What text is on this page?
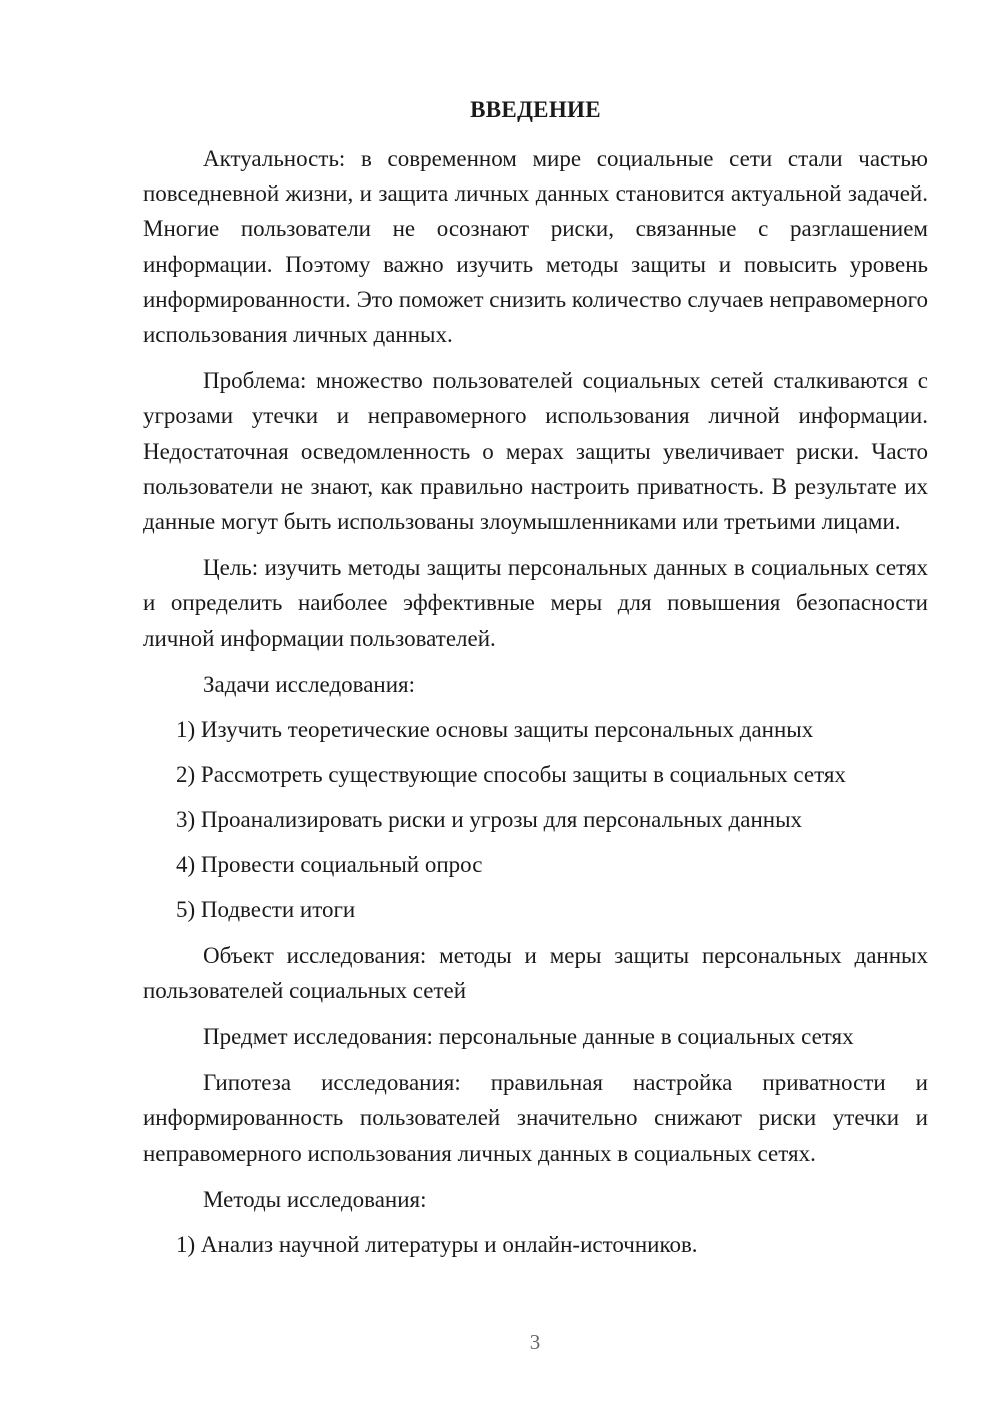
ВВЕДЕНИЕ

Актуальность: в современном мире социальные сети стали частью повседневной жизни, и защита личных данных становится актуальной задачей. Многие пользователи не осознают риски, связанные с разглашением информации. Поэтому важно изучить методы защиты и повысить уровень информированности. Это поможет снизить количество случаев неправомерного использования личных данных.

Проблема: множество пользователей социальных сетей сталкиваются с угрозами утечки и неправомерного использования личной информации. Недостаточная осведомленность о мерах защиты увеличивает риски. Часто пользователи не знают, как правильно настроить приватность. В результате их данные могут быть использованы злоумышленниками или третьими лицами.

Цель: изучить методы защиты персональных данных в социальных сетях и определить наиболее эффективные меры для повышения безопасности личной информации пользователей.

Задачи исследования:

1) Изучить теоретические основы защиты персональных данных

2) Рассмотреть существующие способы защиты в социальных сетях

3) Проанализировать риски и угрозы для персональных данных

4) Провести социальный опрос

5) Подвести итоги

Объект исследования: методы и меры защиты персональных данных пользователей социальных сетей

Предмет исследования: персональные данные в социальных сетях

Гипотеза исследования: правильная настройка приватности и информированность пользователей значительно снижают риски утечки и неправомерного использования личных данных в социальных сетях.

Методы исследования:

1) Анализ научной литературы и онлайн-источников.

3
